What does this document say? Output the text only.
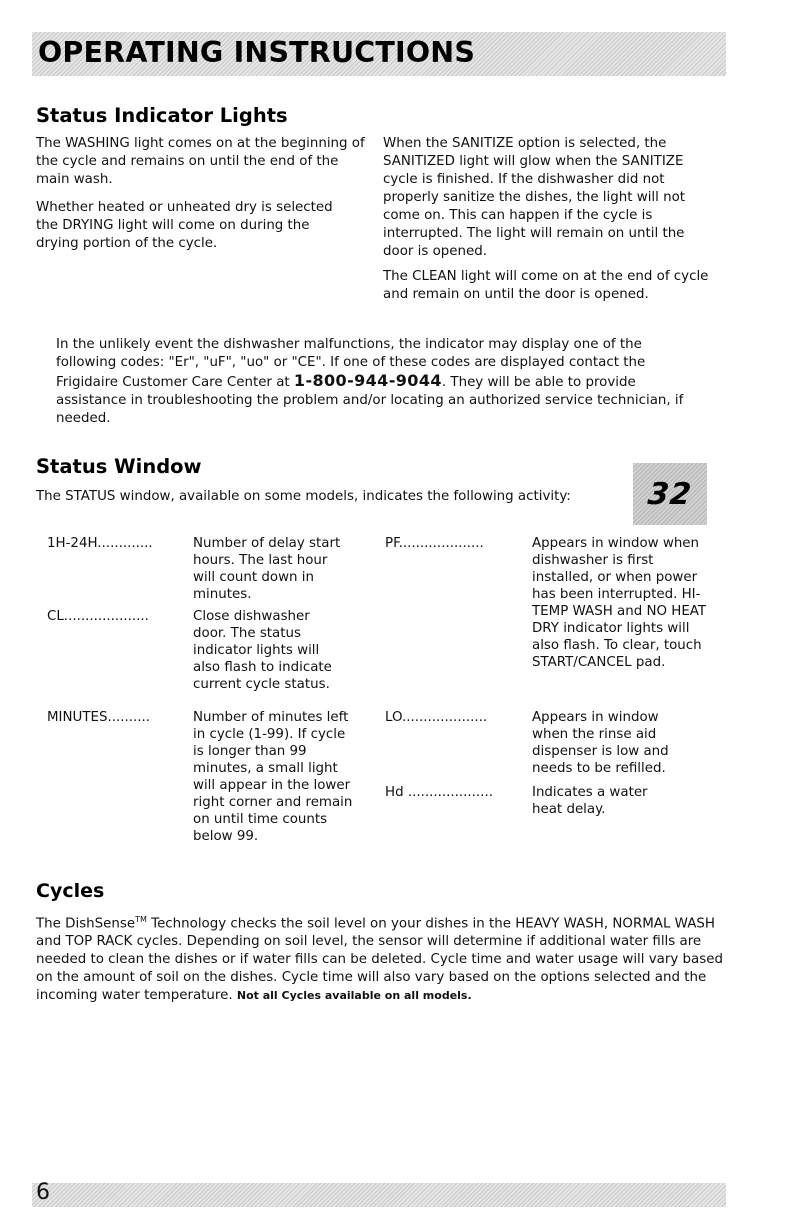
OPERATING INSTRUCTIONS
Status Indicator Lights

The WASHING light comes on at the beginning of the cycle and remains on until the end of the main wash.

Whether heated or unheated dry is selected the DRYING light will come on during the drying portion of the cycle.

When the SANITIZE option is selected, the SANITIZED light will glow when the SANITIZE cycle is finished. If the dishwasher did not properly sanitize the dishes, the light will not come on. This can happen if the cycle is interrupted. The light will remain on until the door is opened.

The CLEAN light will come on at the end of cycle and remain on until the door is opened.

In the unlikely event the dishwasher malfunctions, the indicator may display one of the following codes: "Er", "uF", "uo" or "CE". If one of these codes are displayed contact the Frigidaire Customer Care Center at 1-800-944-9044. They will be able to provide assistance in troubleshooting the problem and/or locating an authorized service technician, if needed.

Status Window

The STATUS window, available on some models, indicates the following activity:	32
1H-24H.............	Number of delay start hours. The last hour will count down in minutes.
CL....................	Close dishwasher door. The status indicator lights will also flash to indicate current cycle status.
MINUTES..........	Number of minutes left in cycle (1-99). If cycle is longer than 99 minutes, a small light will appear in the lower right corner and remain on until time counts below 99.
PF....................	Appears in window when dishwasher is first installed, or when power has been interrupted. HI-TEMP WASH and NO HEAT DRY indicator lights will also flash. To clear, touch START/CANCEL pad.
LO....................	Appears in window when the rinse aid dispenser is low and needs to be refilled.
Hd ....................	Indicates a water heat delay.
Cycles

The DishSense™ Technology checks the soil level on your dishes in the HEAVY WASH, NORMAL WASH and TOP RACK cycles. Depending on soil level, the sensor will determine if additional water fills are needed to clean the dishes or if water fills can be deleted. Cycle time and water usage will vary based on the amount of soil on the dishes. Cycle time will also vary based on the options selected and the incoming water temperature. Not all Cycles available on all models.

6
